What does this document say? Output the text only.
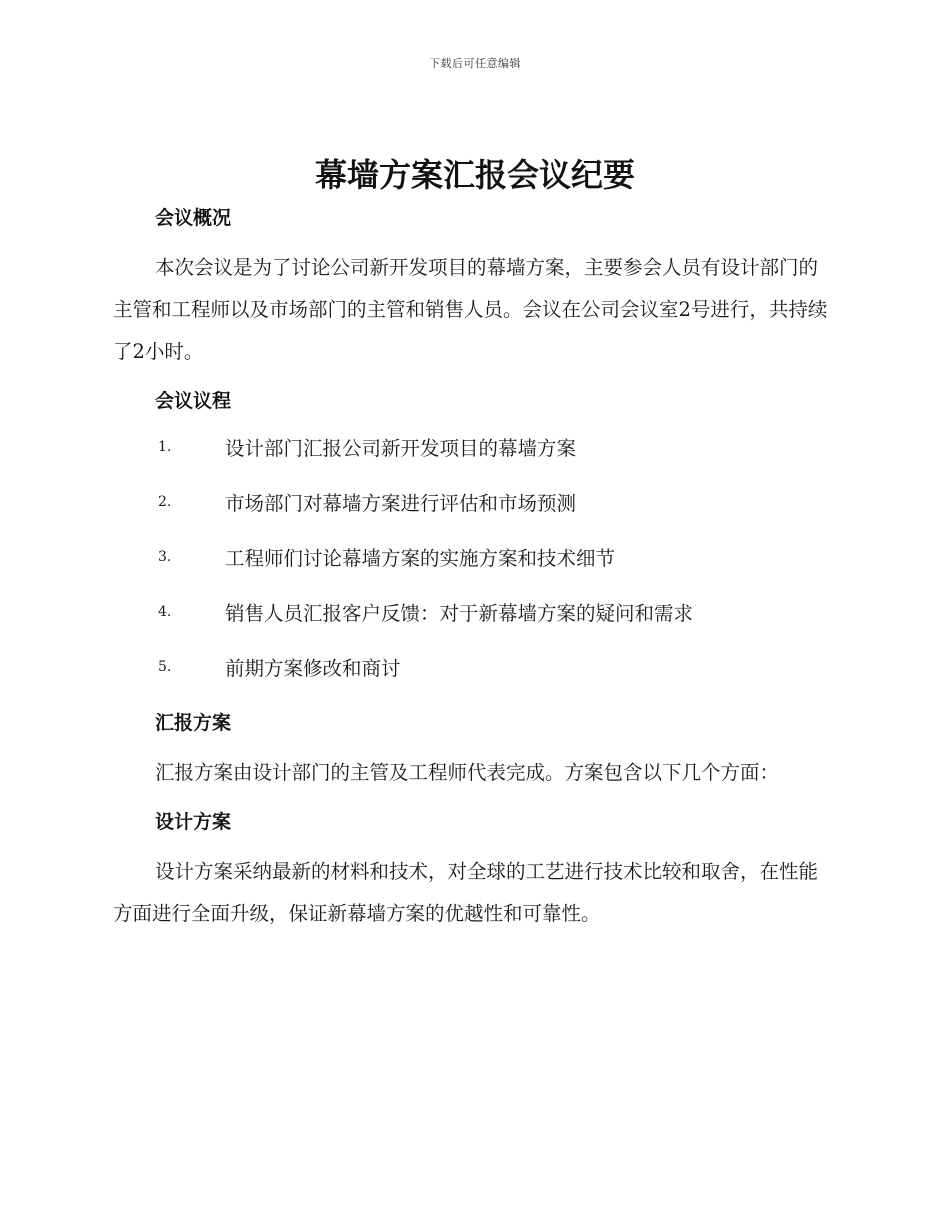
下载后可任意编辑
幕墙方案汇报会议纪要
会议概况

本次会议是为了讨论公司新开发项目的幕墙方案，主要参会人员有设计部门的主管和工程师以及市场部门的主管和销售人员。会议在公司会议室2号进行，共持续了2小时。

会议议程
1.	设计部门汇报公司新开发项目的幕墙方案
2.	市场部门对幕墙方案进行评估和市场预测
3.	工程师们讨论幕墙方案的实施方案和技术细节
4.	销售人员汇报客户反馈：对于新幕墙方案的疑问和需求
5.	前期方案修改和商讨
汇报方案

汇报方案由设计部门的主管及工程师代表完成。方案包含以下几个方面：

设计方案

设计方案采纳最新的材料和技术，对全球的工艺进行技术比较和取舍，在性能方面进行全面升级，保证新幕墙方案的优越性和可靠性。
